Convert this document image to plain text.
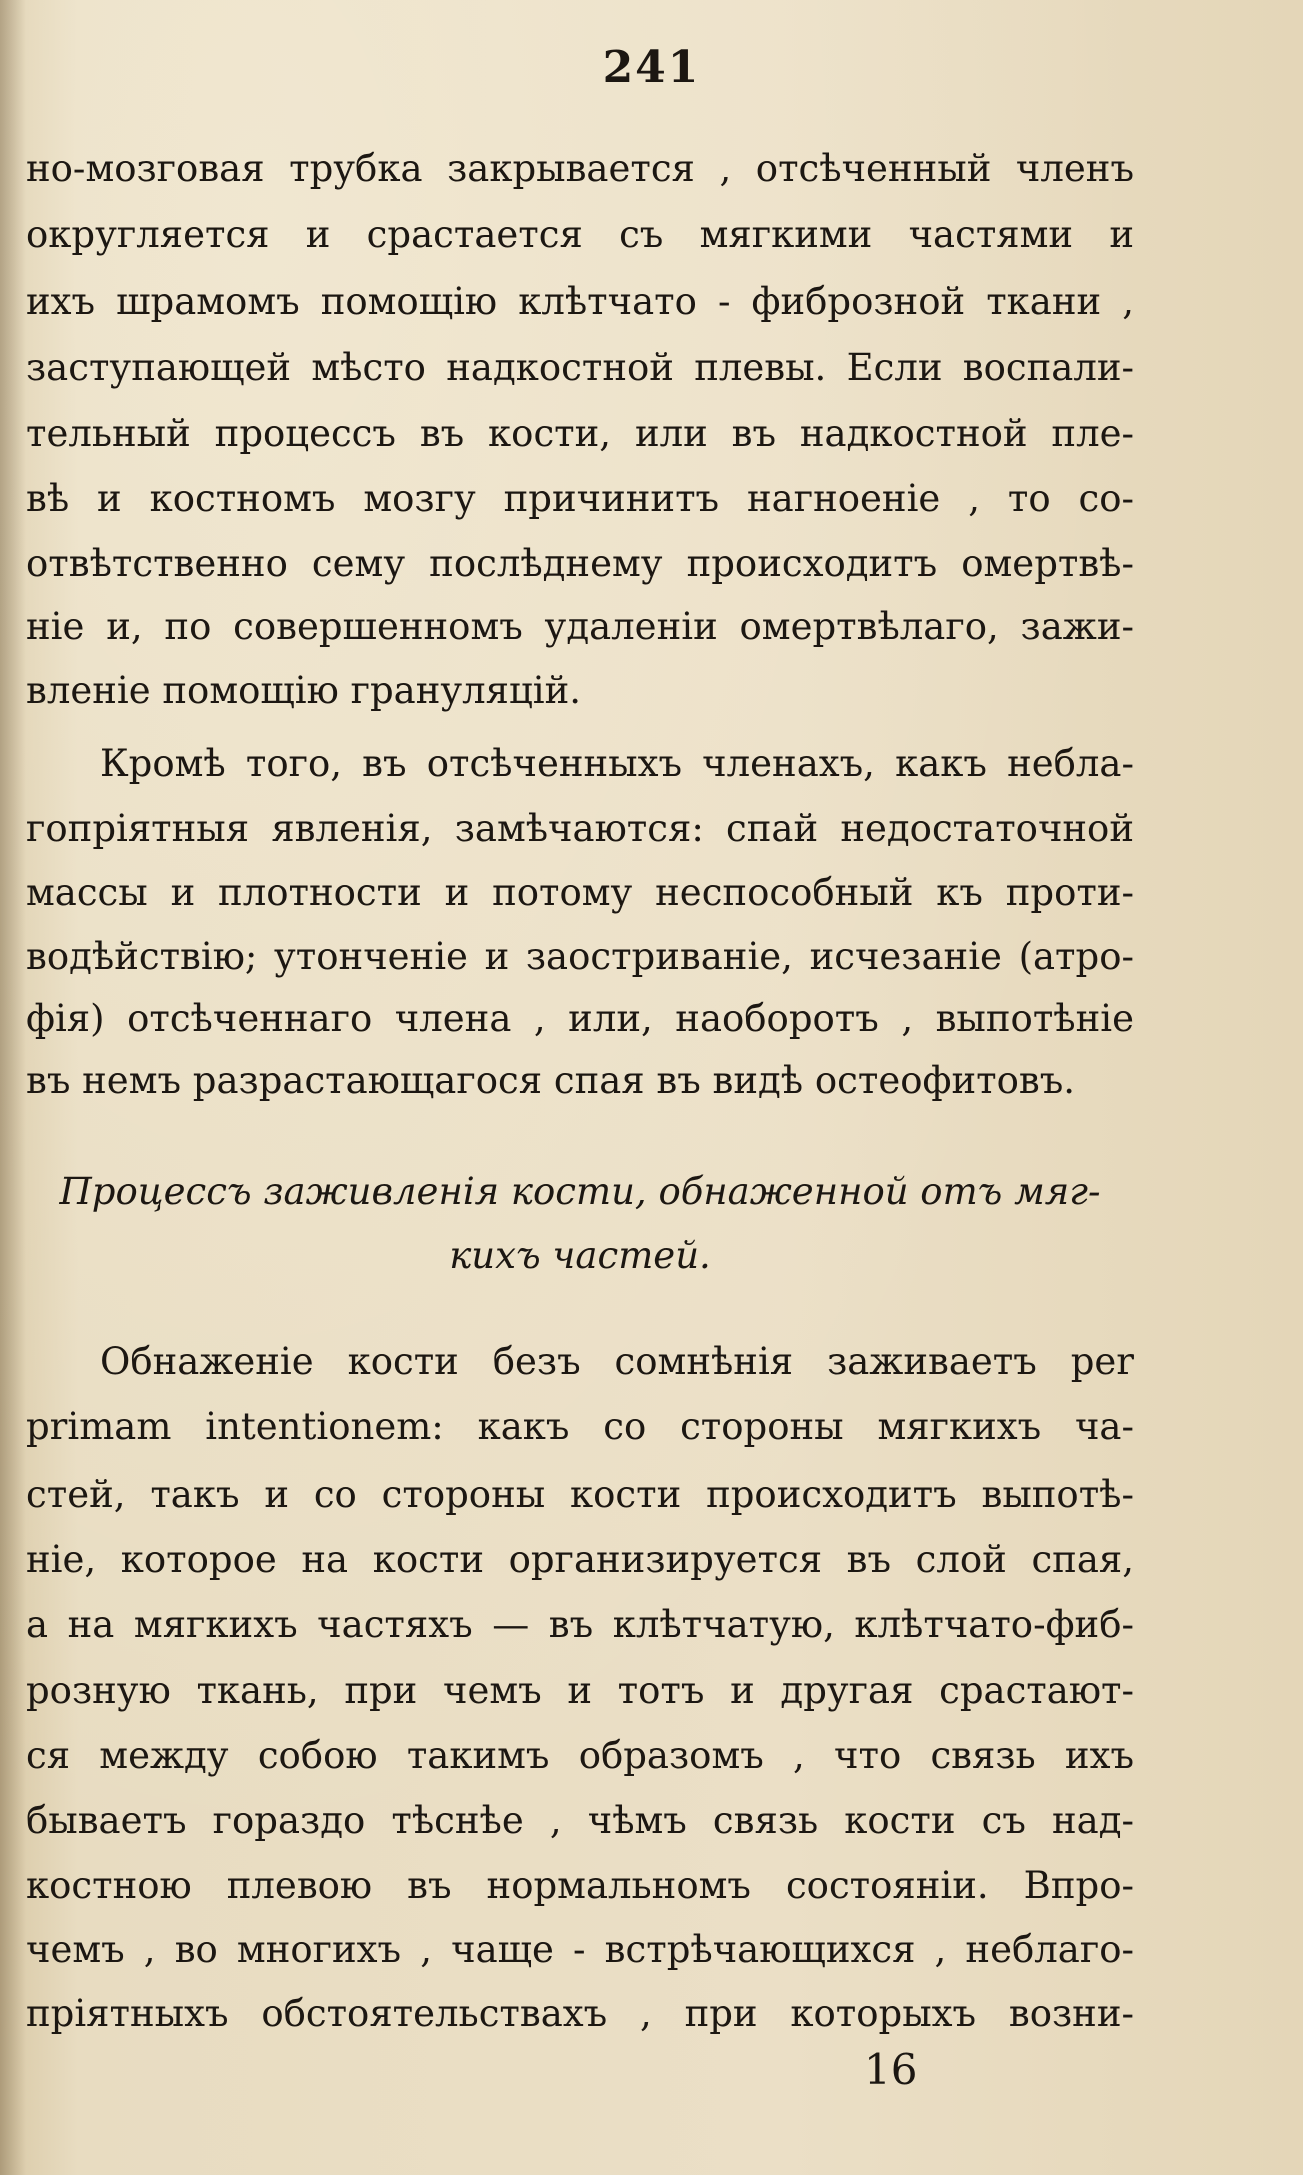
241
но-мозговая трубка закрывается , отсѣченный членъ
округляется и срастается съ мягкими частями и
ихъ шрамомъ помощію клѣтчато - фиброзной ткани ,
заступающей мѣсто надкостной плевы. Если воспали-
тельный процессъ въ кости, или въ надкостной пле-
вѣ и костномъ мозгу причинитъ нагноеніе , то со-
отвѣтственно сему послѣднему происходитъ омертвѣ-
ніе и, по совершенномъ удаленіи омертвѣлаго, зажи-
вленіе помощію грануляцій.
Кромѣ того, въ отсѣченныхъ членахъ, какъ небла-
гопріятныя явленія, замѣчаются: спай недостаточной
массы и плотности и потому неспособный къ проти-
водѣйствію; утонченіе и заостриваніе, исчезаніе (атро-
фія) отсѣченнаго члена , или, наоборотъ , выпотѣніе
въ немъ разрастающагося спая въ видѣ остеофитовъ.
Процессъ заживленія кости, обнаженной отъ мяг-
кихъ частей.
Обнаженіе кости безъ сомнѣнія заживаетъ per
primam intentionem: какъ со стороны мягкихъ ча-
стей, такъ и со стороны кости происходитъ выпотѣ-
ніе, которое на кости организируется въ слой спая,
а на мягкихъ частяхъ — въ клѣтчатую, клѣтчато-фиб-
розную ткань, при чемъ и тотъ и другая срастают-
ся между собою такимъ образомъ , что связь ихъ
бываетъ гораздо тѣснѣе , чѣмъ связь кости съ над-
костною плевою въ нормальномъ состояніи. Впро-
чемъ , во многихъ , чаще - встрѣчающихся , неблаго-
пріятныхъ обстоятельствахъ , при которыхъ возни-
16
